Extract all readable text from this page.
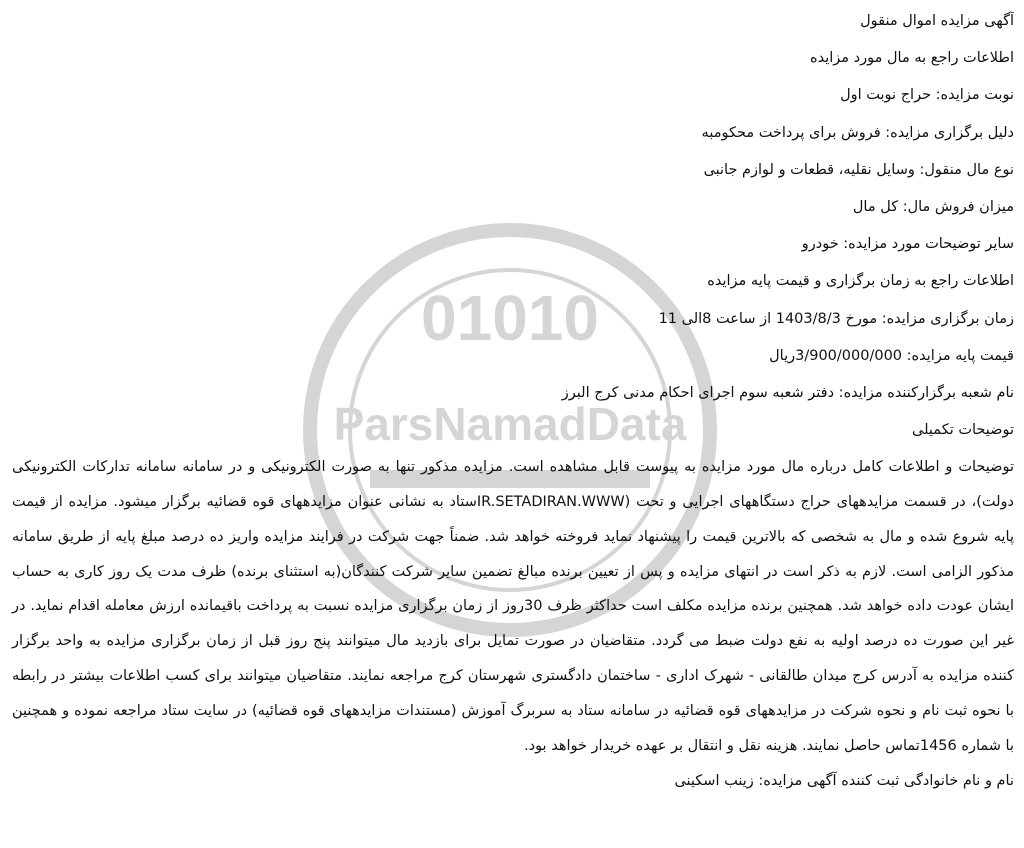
01010
ParsNamadData
آگهی مزایده اموال منقول
اطلاعات راجع به مال مورد مزایده
نوبت مزایده: حراج نوبت اول
دلیل برگزاری مزایده: فروش برای پرداخت محکومبه
نوع مال منقول: وسایل نقلیه، قطعات و لوازم جانبی
میزان فروش مال: کل مال
سایر توضیحات مورد مزایده: خودرو
اطلاعات راجع به زمان برگزاری و قیمت پایه مزایده
زمان برگزاری مزایده: مورخ 1403/8/3 از ساعت 8الی 11
قیمت پایه مزایده: 3/900/000/000ریال
نام شعبه برگزارکننده مزایده: دفتر شعبه سوم اجرای احکام مدنی کرج البرز
توضیحات تکمیلی
توضیحات و اطلاعات کامل درباره مال مورد مزایده به پیوست قابل مشاهده است. مزایده مذکور تنها به صورت الکترونیکی و در سامانه سامانه تدارکات الکترونیکی دولت)، در قسمت مزایدههای حراج دستگاههای اجرایی و تحت (IR.SETADIRAN.WWWستاد به نشانی عنوان مزایدههای قوه قضائیه برگزار میشود. مزایده از قیمت پایه شروع شده و مال به شخصی که بالاترین قیمت را پیشنهاد نماید فروخته خواهد شد. ضمناً جهت شرکت در فرایند مزایده واریز ده درصد مبلغ پایه از طریق سامانه مذکور الزامی است. لازم به ذکر است در انتهای مزایده و پس از تعیین برنده مبالغ تضمین سایر شرکت کنندگان(به استثنای برنده) ظرف مدت یک روز کاری به حساب ایشان عودت داده خواهد شد. همچنین برنده مزایده مکلف است حداکثر ظرف 30روز از زمان برگزاری مزایده نسبت به پرداخت باقیمانده ارزش معامله اقدام نماید. در غیر این صورت ده درصد اولیه به نفع دولت ضبط می گردد. متقاضیان در صورت تمایل برای بازدید مال میتوانند پنج روز قبل از زمان برگزاری مزایده به واحد برگزار کننده مزایده به آدرس کرج میدان طالقانی - شهرک اداری - ساختمان دادگستری شهرستان کرج مراجعه نمایند. متقاضیان میتوانند برای کسب اطلاعات بیشتر در رابطه با نحوه ثبت نام و نحوه شرکت در مزایدههای قوه قضائیه در سامانه ستاد به سربرگ آموزش (مستندات مزایدههای قوه قضائیه) در سایت ستاد مراجعه نموده و همچنین با شماره 1456تماس حاصل نمایند. هزینه نقل و انتقال بر عهده خریدار خواهد بود.
نام و نام خانوادگی ثبت کننده آگهی مزایده: زینب اسکینی
